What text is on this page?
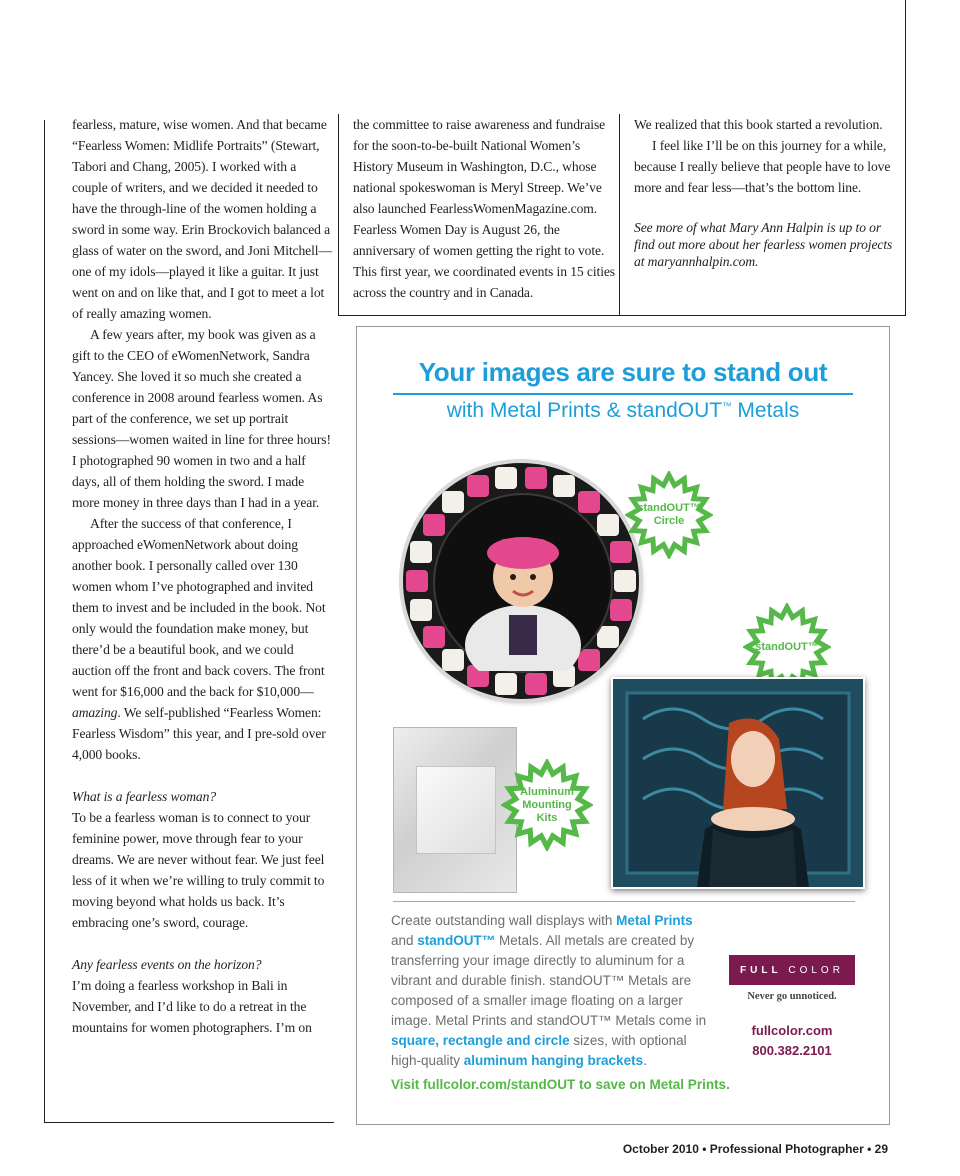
fearless, mature, wise women. And that became “Fearless Women: Midlife Portraits” (Stewart, Tabori and Chang, 2005). I worked with a couple of writers, and we decided it needed to have the through-line of the women holding a sword in some way. Erin Brockovich balanced a glass of water on the sword, and Joni Mitchell—one of my idols—played it like a guitar. It just went on and on like that, and I got to meet a lot of really amazing women.

A few years after, my book was given as a gift to the CEO of eWomenNetwork, Sandra Yancey. She loved it so much she created a conference in 2008 around fearless women. As part of the conference, we set up portrait sessions—women waited in line for three hours! I photographed 90 women in two and a half days, all of them holding the sword. I made more money in three days than I had in a year.

After the success of that conference, I approached eWomenNetwork about doing another book. I personally called over 130 women whom I’ve photographed and invited them to invest and be included in the book. Not only would the foundation make money, but there’d be a beautiful book, and we could auction off the front and back covers. The front went for $16,000 and the back for $10,000—amazing. We self-published “Fearless Women: Fearless Wisdom” this year, and I pre-sold over 4,000 books.

What is a fearless woman?

To be a fearless woman is to connect to your feminine power, move through fear to your dreams. We are never without fear. We just feel less of it when we’re willing to truly commit to moving beyond what holds us back. It’s embracing one’s sword, courage.

Any fearless events on the horizon?

I’m doing a fearless workshop in Bali in November, and I’d like to do a retreat in the mountains for women photographers. I’m on

the committee to raise awareness and fundraise for the soon-to-be-built National Women’s History Museum in Washington, D.C., whose national spokeswoman is Meryl Streep. We’ve also launched FearlessWomenMagazine.com. Fearless Women Day is August 26, the anniversary of women getting the right to vote. This first year, we coordinated events in 15 cities across the country and in Canada.

We realized that this book started a revolution.

I feel like I’ll be on this journey for a while, because I really believe that people have to love more and fear less—that’s the bottom line.

See more of what Mary Ann Halpin is up to or find out more about her fearless women projects at maryannhalpin.com.

Your images are sure to stand out
with Metal Prints & standOUT™ Metals
standOUT™ Circle
standOUT™
Aluminum Mounting Kits
Create outstanding wall displays with Metal Prints and standOUT™ Metals. All metals are created by transferring your image directly to aluminum for a vibrant and durable finish. standOUT™ Metals are composed of a smaller image floating on a larger image. Metal Prints and standOUT™ Metals come in square, rectangle and circle sizes, with optional high-quality aluminum hanging brackets.
Visit fullcolor.com/standOUT to save on Metal Prints.
FULL
COLOR
Never go unnoticed.
fullcolor.com
800.382.2101
October 2010 • Professional Photographer • 29
